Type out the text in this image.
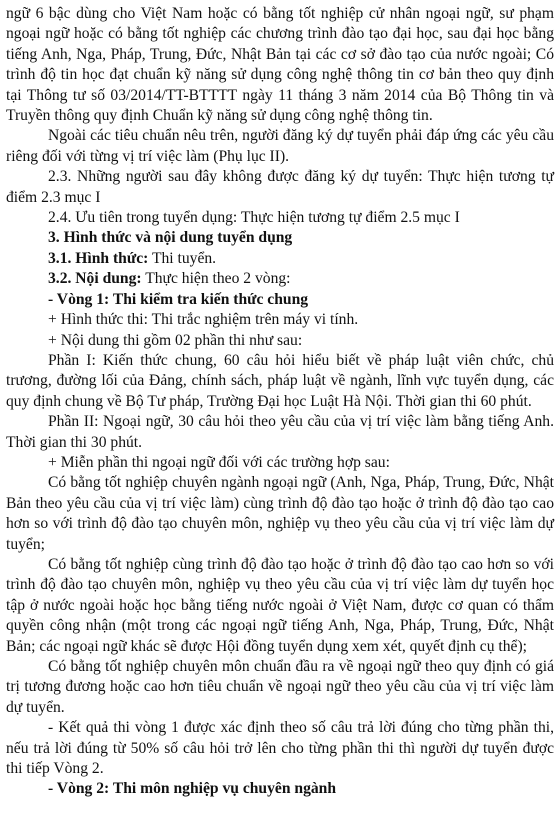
ngữ 6 bậc dùng cho Việt Nam hoặc có bằng tốt nghiệp cử nhân ngoại ngữ, sư phạm ngoại ngữ hoặc có bằng tốt nghiệp các chương trình đào tạo đại học, sau đại học bằng tiếng Anh, Nga, Pháp, Trung, Đức, Nhật Bản tại các cơ sở đào tạo của nước ngoài; Có trình độ tin học đạt chuẩn kỹ năng sử dụng công nghệ thông tin cơ bản theo quy định tại Thông tư số 03/2014/TT-BTTTT ngày 11 tháng 3 năm 2014 của Bộ Thông tin và Truyền thông quy định Chuẩn kỹ năng sử dụng công nghệ thông tin.

Ngoài các tiêu chuẩn nêu trên, người đăng ký dự tuyển phải đáp ứng các yêu cầu riêng đối với từng vị trí việc làm (Phụ lục II).

2.3. Những người sau đây không được đăng ký dự tuyển: Thực hiện tương tự điểm 2.3 mục I

2.4. Ưu tiên trong tuyển dụng: Thực hiện tương tự điểm 2.5 mục I

3. Hình thức và nội dung tuyển dụng

3.1. Hình thức: Thi tuyển.

3.2. Nội dung: Thực hiện theo 2 vòng:

- Vòng 1: Thi kiểm tra kiến thức chung

+ Hình thức thi: Thi trắc nghiệm trên máy vi tính.

+ Nội dung thi gồm 02 phần thi như sau:

Phần I: Kiến thức chung, 60 câu hỏi hiểu biết về pháp luật viên chức, chủ trương, đường lối của Đảng, chính sách, pháp luật về ngành, lĩnh vực tuyển dụng, các quy định chung về Bộ Tư pháp, Trường Đại học Luật Hà Nội. Thời gian thi 60 phút.

Phần II: Ngoại ngữ, 30 câu hỏi theo yêu cầu của vị trí việc làm bằng tiếng Anh. Thời gian thi 30 phút.

+ Miễn phần thi ngoại ngữ đối với các trường hợp sau:

Có bằng tốt nghiệp chuyên ngành ngoại ngữ (Anh, Nga, Pháp, Trung, Đức, Nhật Bản theo yêu cầu của vị trí việc làm) cùng trình độ đào tạo hoặc ở trình độ đào tạo cao hơn so với trình độ đào tạo chuyên môn, nghiệp vụ theo yêu cầu của vị trí việc làm dự tuyển;

Có bằng tốt nghiệp cùng trình độ đào tạo hoặc ở trình độ đào tạo cao hơn so với trình độ đào tạo chuyên môn, nghiệp vụ theo yêu cầu của vị trí việc làm dự tuyển học tập ở nước ngoài hoặc học bằng tiếng nước ngoài ở Việt Nam, được cơ quan có thẩm quyền công nhận (một trong các ngoại ngữ tiếng Anh, Nga, Pháp, Trung, Đức, Nhật Bản; các ngoại ngữ khác sẽ được Hội đồng tuyển dụng xem xét, quyết định cụ thể);

Có bằng tốt nghiệp chuyên môn chuẩn đầu ra về ngoại ngữ theo quy định có giá trị tương đương hoặc cao hơn tiêu chuẩn về ngoại ngữ theo yêu cầu của vị trí việc làm dự tuyển.

- Kết quả thi vòng 1 được xác định theo số câu trả lời đúng cho từng phần thi, nếu trả lời đúng từ 50% số câu hỏi trở lên cho từng phần thi thì người dự tuyển được thi tiếp Vòng 2.

- Vòng 2: Thi môn nghiệp vụ chuyên ngành
